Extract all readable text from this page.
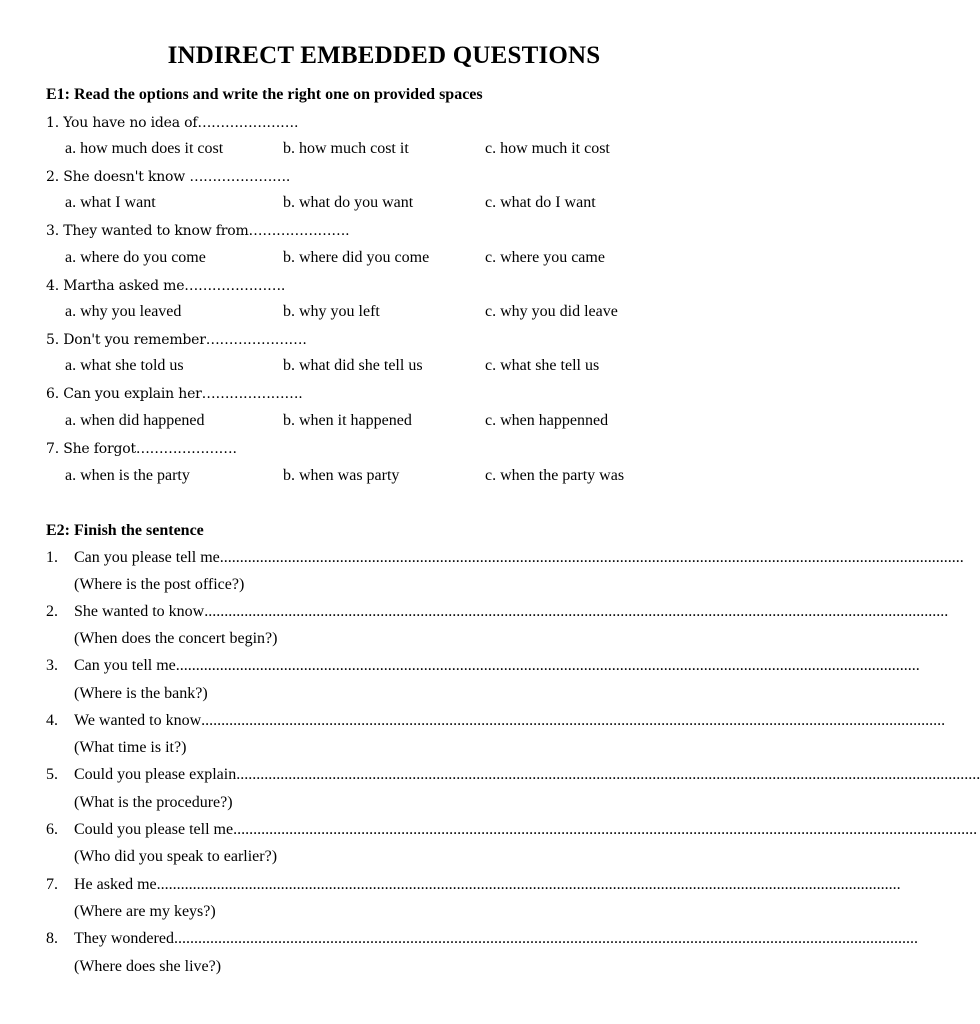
INDIRECT EMBEDDED QUESTIONS
E1: Read the options and write the right one on provided spaces
1. You have no idea of………………….
a. how much does it cost	b. how much cost it	c. how much it cost
2. She doesn't know ………………….
a. what I want	b. what do you want	c. what do I want
3. They wanted to know from………………….
a. where do you come	b. where did you come	c. where you came
4. Martha asked me………………….
a. why you leaved	b. why you left	c. why you did leave
5. Don't you remember………………….
a. what she told us	b. what did she tell us	c. what she tell us
6. Can you explain her………………….
a. when did happened	b. when it happened	c. when happenned
7. She forgot………………….
a. when is the party	b. when was party	c. when the party was
E2: Finish the sentence
1. Can you please tell me ..........................................................................................................................................................................................
(Where is the post office?)
2. She wanted to know ..........................................................................................................................................................................................
(When does the concert begin?)
3. Can you tell me ..........................................................................................................................................................................................
(Where is the bank?)
4. We wanted to know ..........................................................................................................................................................................................
(What time is it?)
5. Could you please explain ..........................................................................................................................................................................................
(What is the procedure?)
6. Could you please tell me ..........................................................................................................................................................................................
(Who did you speak to earlier?)
7. He asked me ..........................................................................................................................................................................................
(Where are my keys?)
8. They wondered ..........................................................................................................................................................................................
(Where does she live?)
